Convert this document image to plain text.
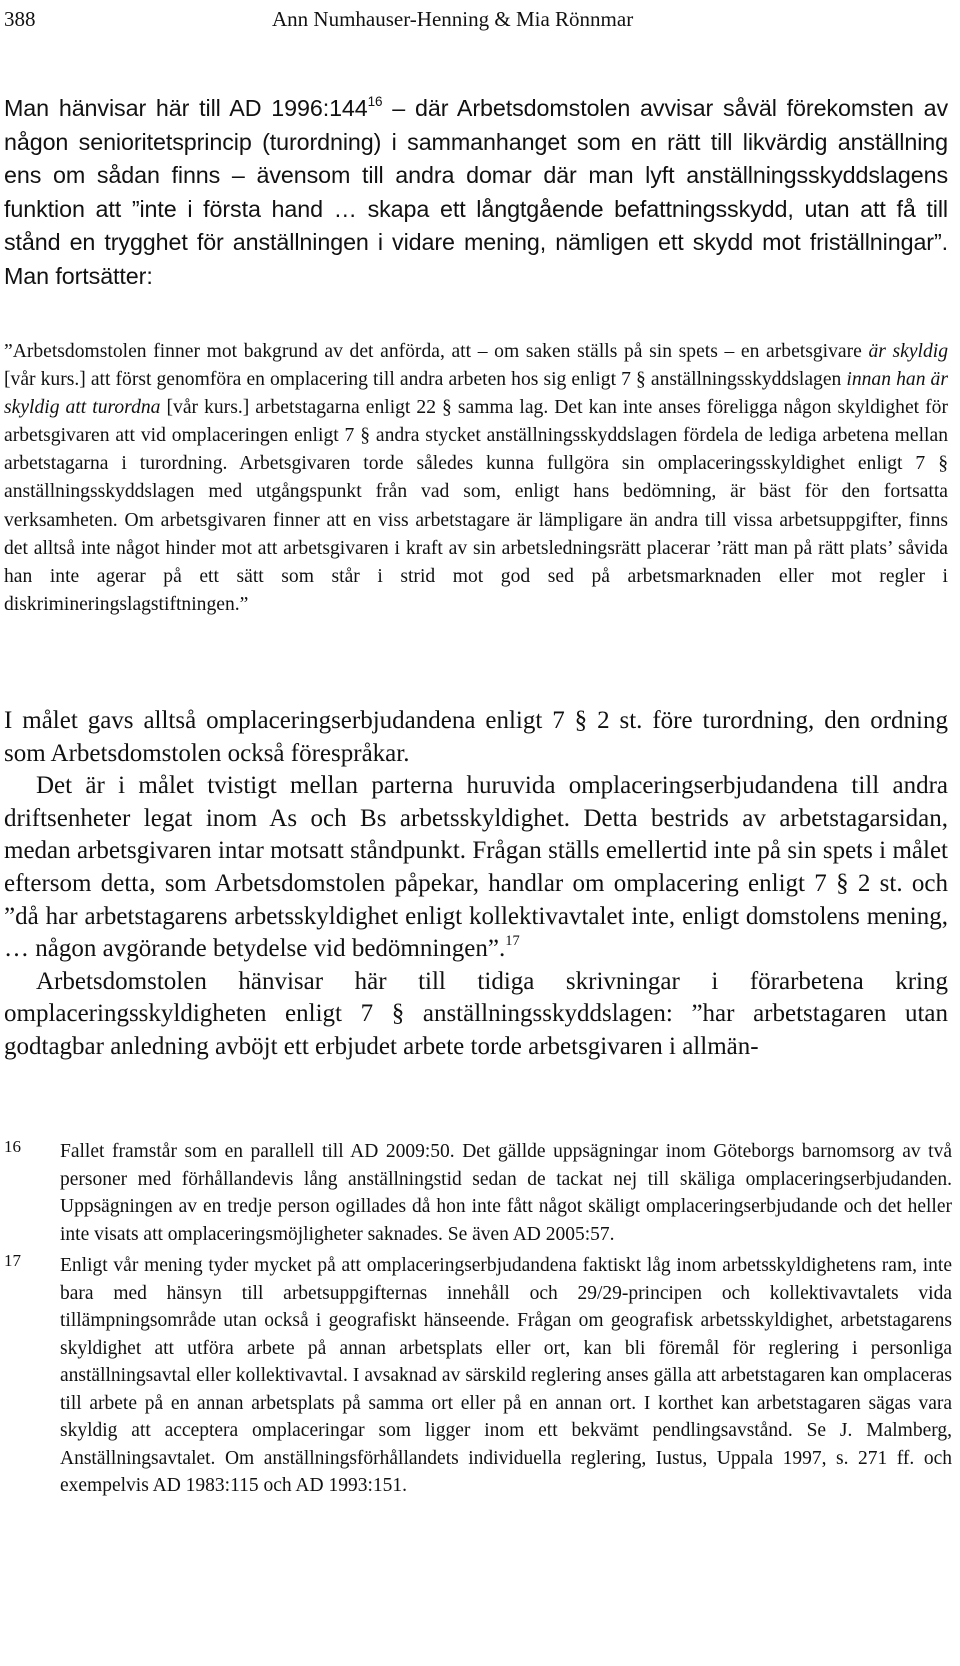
388	Ann Numhauser-Henning & Mia Rönnmar

Man hänvisar här till AD $1996:144^{16}$ – där Arbetsdomstolen avvisar såväl förekomsten av någon senioritetsprincip (turordning) i sammanhanget som en rätt till likvärdig anställning ens om sådan finns – ävensom till andra domar där man lyft anställningsskyddslagens funktion att ”inte i första hand … skapa ett långtgående befattningsskydd, utan att få till stånd en trygghet för anställningen i vidare mening, nämligen ett skydd mot friställningar”. Man fortsätter:

”Arbetsdomstolen finner mot bakgrund av det anförda, att – om saken ställs på sin spets – en arbetsgivare är skyldig [vår kurs.] att först genomföra en omplacering till andra arbeten hos sig enligt 7 § anställningsskyddslagen innan han är skyldig att turordna [vår kurs.] arbetstagarna enligt 22 § samma lag. Det kan inte anses föreligga någon skyldighet för arbetsgivaren att vid omplaceringen enligt 7 § andra stycket anställningsskyddslagen fördela de lediga arbetena mellan arbetstagarna i turordning. Arbetsgivaren torde således kunna fullgöra sin omplaceringsskyldighet enligt 7 § anställningsskyddslagen med utgångspunkt från vad som, enligt hans bedömning, är bäst för den fortsatta verksamheten. Om arbetsgivaren finner att en viss arbetstagare är lämpligare än andra till vissa arbetsuppgifter, finns det alltså inte något hinder mot att arbetsgivaren i kraft av sin arbetsledningsrätt placerar ’rätt man på rätt plats’ såvida han inte agerar på ett sätt som står i strid mot god sed på arbetsmarknaden eller mot regler i diskrimineringslagstiftningen.”

I målet gavs alltså omplaceringserbjudandena enligt 7 § 2 st. före turordning, den ordning som Arbetsdomstolen också förespråkar.

Det är i målet tvistigt mellan parterna huruvida omplaceringserbjudandena till andra driftsenheter legat inom As och Bs arbetsskyldighet. Detta bestrids av arbetstagarsidan, medan arbetsgivaren intar motsatt ståndpunkt. Frågan ställs emellertid inte på sin spets i målet eftersom detta, som Arbetsdomstolen påpekar, handlar om omplacering enligt 7 § 2 st. och ”då har arbetstagarens arbetsskyldighet enligt kollektivavtalet inte, enligt domstolens mening, … någon avgörande betydelse vid bedömningen”.$^{17}$

Arbetsdomstolen hänvisar här till tidiga skrivningar i förarbetena kring omplaceringsskyldigheten enligt 7 § anställningsskyddslagen: ”har arbetstagaren utan godtagbar anledning avböjt ett erbjudet arbete torde arbetsgivaren i allmän-

16 Fallet framstår som en parallell till AD 2009:50. Det gällde uppsägningar inom Göteborgs barnomsorg av två personer med förhållandevis lång anställningstid sedan de tackat nej till skäliga omplaceringserbjudanden. Uppsägningen av en tredje person ogillades då hon inte fått något skäligt omplaceringserbjudande och det heller inte visats att omplaceringsmöjligheter saknades. Se även AD 2005:57.
17 Enligt vår mening tyder mycket på att omplaceringserbjudandena faktiskt låg inom arbetsskyldighetens ram, inte bara med hänsyn till arbetsuppgifternas innehåll och 29/29-principen och kollektivavtalets vida tillämpningsområde utan också i geografiskt hänseende. Frågan om geografisk arbetsskyldighet, arbetstagarens skyldighet att utföra arbete på annan arbetsplats eller ort, kan bli föremål för reglering i personliga anställningsavtal eller kollektivavtal. I avsaknad av särskild reglering anses gälla att arbetstagaren kan omplaceras till arbete på en annan arbetsplats på samma ort eller på en annan ort. I korthet kan arbetstagaren sägas vara skyldig att acceptera omplaceringar som ligger inom ett bekvämt pendlingsavstånd. Se J. Malmberg, Anställningsavtalet. Om anställningsförhållandets individuella reglering, Iustus, Uppala 1997, s. 271 ff. och exempelvis AD 1983:115 och AD 1993:151.
